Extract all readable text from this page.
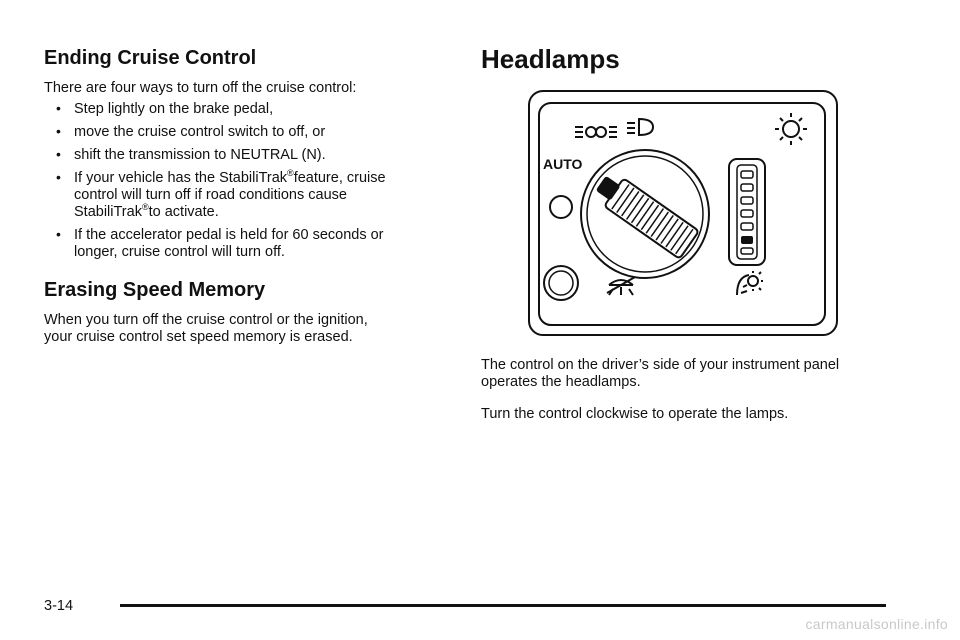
Ending Cruise Control

There are four ways to turn off the cruise control:

• Step lightly on the brake pedal,
• move the cruise control switch to off, or
• shift the transmission to NEUTRAL (N).
• If your vehicle has the StabiliTrak®feature, cruise
control will turn off if road conditions cause
StabiliTrak®to activate.
• If the accelerator pedal is held for 60 seconds or
longer, cruise control will turn off.
Erasing Speed Memory

When you turn off the cruise control or the ignition,
your cruise control set speed memory is erased.

Headlamps
AUTO

The control on the driver’s side of your instrument panel
operates the headlamps.

Turn the control clockwise to operate the lamps.

3-14
carmanualsonline.info
